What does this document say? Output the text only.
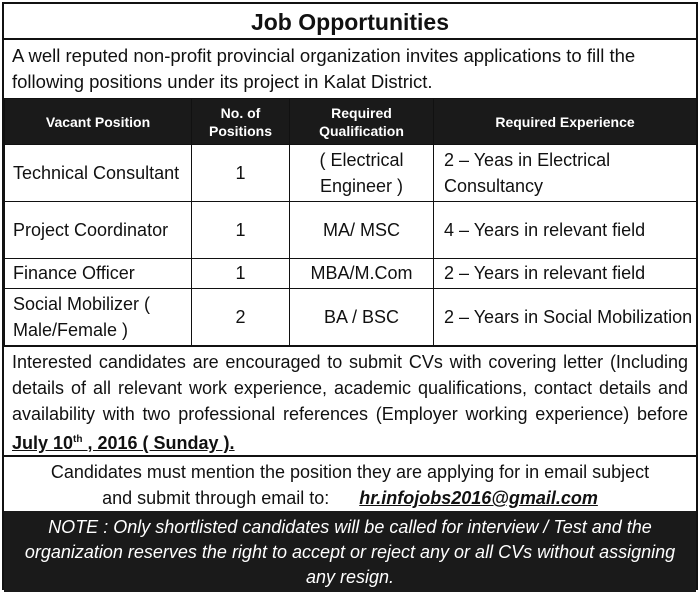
Job Opportunities
A well reputed non-profit provincial organization invites applications to fill the following positions under its project in Kalat District.
Vacant Position	No. of Positions	Required Qualification	Required Experience
Technical Consultant	1	( Electrical Engineer )	2 – Yeas in Electrical Consultancy
Project Coordinator	1	MA/ MSC	4 – Years in relevant field
Finance Officer	1	MBA/M.Com	2 – Years in relevant field
Social Mobilizer ( Male/Female )	2	BA / BSC	2 – Years in Social Mobilization
Interested candidates are encouraged to submit CVs with covering letter (Including details of all relevant work experience, academic qualifications, contact details and availability with two professional references (Employer working experience) before July 10th , 2016 ( Sunday ).
Candidates must mention the position they are applying for in email subject
and submit through email to: hr.infojobs2016@gmail.com
NOTE : Only shortlisted candidates will be called for interview / Test and the organization reserves the right to accept or reject any or all CVs without assigning any resign.
